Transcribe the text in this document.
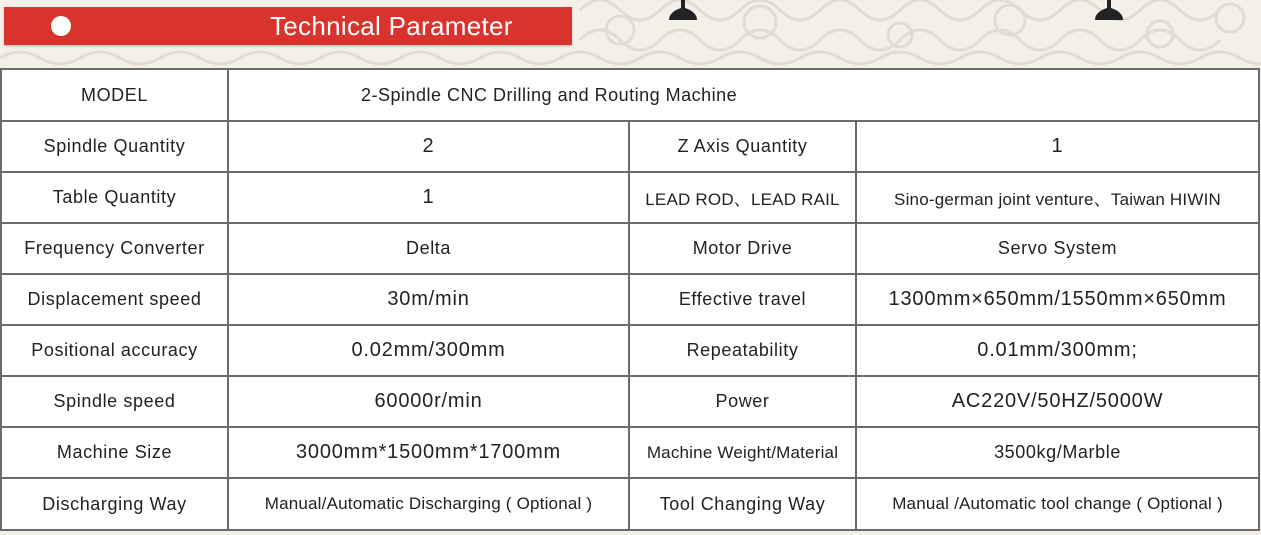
Technical Parameter
MODEL	2-Spindle CNC Drilling and Routing Machine		
Spindle Quantity	2	Z Axis Quantity	1
Table Quantity	1	LEAD ROD、LEAD RAIL	Sino-german joint venture、Taiwan HIWIN
Frequency Converter	Delta	Motor Drive	Servo System
Displacement speed	30m/min	Effective travel	1300mm×650mm/1550mm×650mm
Positional accuracy	0.02mm/300mm	Repeatability	0.01mm/300mm;
Spindle speed	60000r/min	Power	AC220V/50HZ/5000W
Machine Size	3000mm*1500mm*1700mm	Machine Weight/Material	3500kg/Marble
Discharging Way	Manual/Automatic Discharging ( Optional )	Tool Changing Way	Manual /Automatic tool change ( Optional )
